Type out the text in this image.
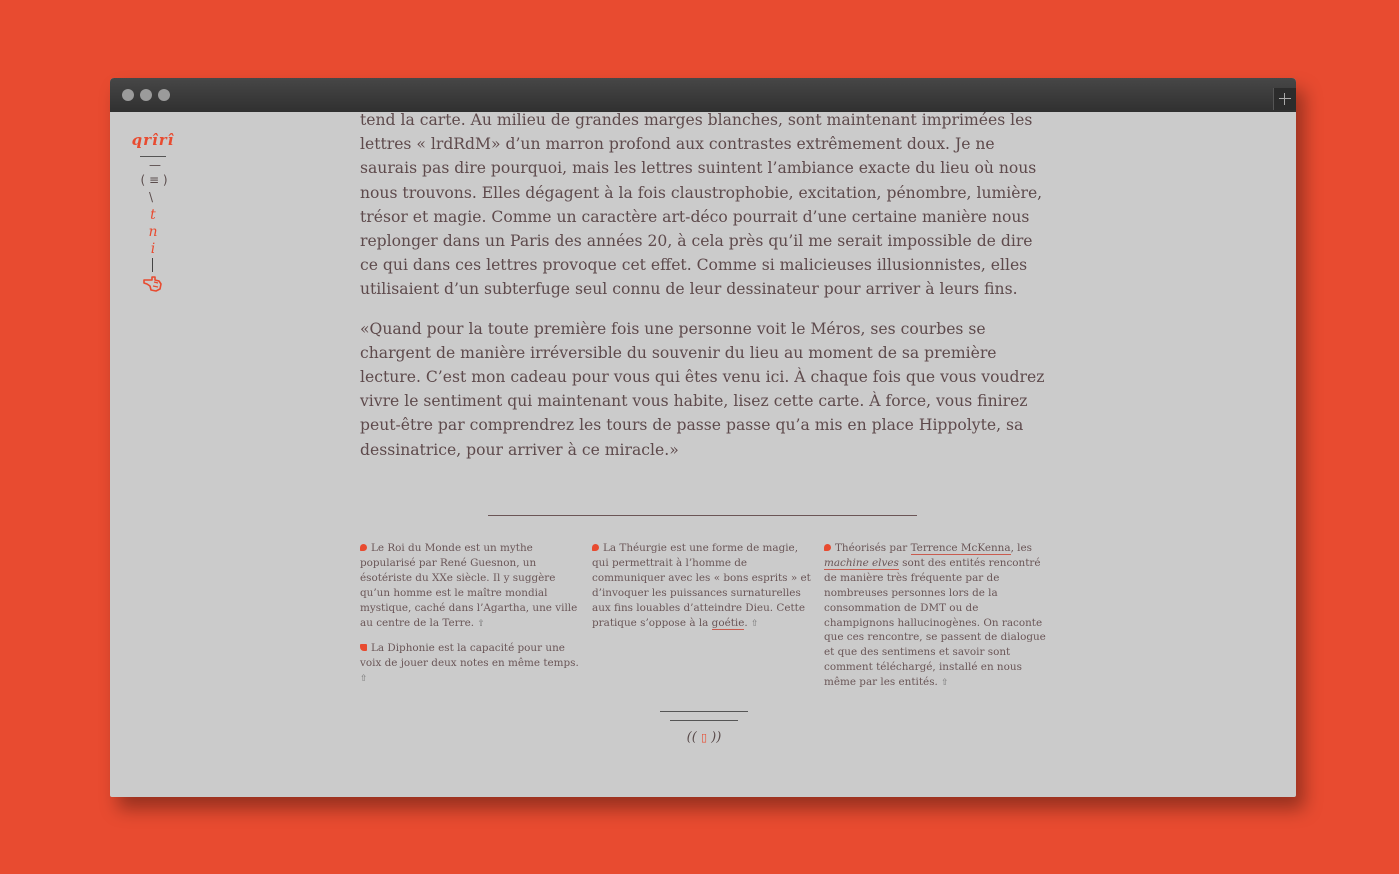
qrîrî
—
( ≡ )
\
t
n
i

tend la carte. Au milieu de grandes marges blanches, sont maintenant imprimées les lettres « lrdRdM» d’un marron profond aux contrastes extrêmement doux. Je ne saurais pas dire pourquoi, mais les lettres suintent l’ambiance exacte du lieu où nous nous trouvons. Elles dégagent à la fois claustrophobie, excitation, pénombre, lumière, trésor et magie. Comme un caractère art-déco pourrait d’une certaine manière nous replonger dans un Paris des années 20, à cela près qu’il me serait impossible de dire ce qui dans ces lettres provoque cet effet. Comme si malicieuses illusionnistes, elles utilisaient d’un subterfuge seul connu de leur dessinateur pour arriver à leurs fins.

«Quand pour la toute première fois une personne voit le Méros, ses courbes se chargent de manière irréversible du souvenir du lieu au moment de sa première lecture. C’est mon cadeau pour vous qui êtes venu ici. À chaque fois que vous voudrez vivre le sentiment qui maintenant vous habite, lisez cette carte. À force, vous finirez peut-être par comprendrez les tours de passe passe qu’a mis en place Hippolyte, sa dessinatrice, pour arriver à ce miracle.»

Le Roi du Monde est un mythe popularisé par René Guesnon, un ésotériste du XXe siècle. Il y suggère qu’un homme est le maître mondial mystique, caché dans l’Agartha, une ville au centre de la Terre. ⇧

La Diphonie est la capacité pour une voix de jouer deux notes en même temps. ⇧

La Théurgie est une forme de magie, qui permettrait à l’homme de communiquer avec les « bons esprits » et d’invoquer les puissances surnaturelles aux fins louables d’atteindre Dieu. Cette pratique s’oppose à la goétie. ⇧

Théorisés par Terrence McKenna, les machine elves sont des entités rencontré de manière très fréquente par de nombreuses personnes lors de la consommation de DMT ou de champignons hallucinogènes. On raconte que ces rencontre, se passent de dialogue et que des sentimens et savoir sont comment téléchargé, installé en nous même par les entités. ⇧

(( ▯ ))
